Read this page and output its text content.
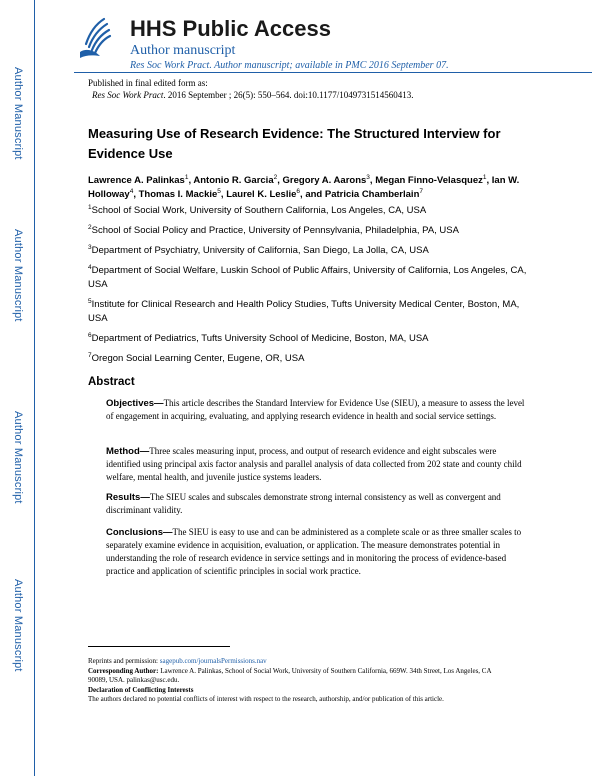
Author Manuscript
Author Manuscript
Author Manuscript
Author Manuscript
HHS Public Access
Author manuscript
Res Soc Work Pract. Author manuscript; available in PMC 2016 September 07.
Published in final edited form as:
Res Soc Work Pract. 2016 September ; 26(5): 550–564. doi:10.1177/1049731514560413.
Measuring Use of Research Evidence: The Structured Interview for Evidence Use
Lawrence A. Palinkas$^1$, Antonio R. Garcia$^2$, Gregory A. Aarons$^3$, Megan Finno-Velasquez$^1$, Ian W. Holloway$^4$, Thomas I. Mackie$^5$, Laurel K. Leslie$^6$, and Patricia Chamberlain$^7$
$^1$School of Social Work, University of Southern California, Los Angeles, CA, USA
$^2$School of Social Policy and Practice, University of Pennsylvania, Philadelphia, PA, USA
$^3$Department of Psychiatry, University of California, San Diego, La Jolla, CA, USA
$^4$Department of Social Welfare, Luskin School of Public Affairs, University of California, Los Angeles, CA, USA
$^5$Institute for Clinical Research and Health Policy Studies, Tufts University Medical Center, Boston, MA, USA
$^6$Department of Pediatrics, Tufts University School of Medicine, Boston, MA, USA
$^7$Oregon Social Learning Center, Eugene, OR, USA
Abstract
Objectives—This article describes the Standard Interview for Evidence Use (SIEU), a measure to assess the level of engagement in acquiring, evaluating, and applying research evidence in health and social service settings.
Method—Three scales measuring input, process, and output of research evidence and eight subscales were identified using principal axis factor analysis and parallel analysis of data collected from 202 state and county child welfare, mental health, and juvenile justice systems leaders.
Results—The SIEU scales and subscales demonstrate strong internal consistency as well as convergent and discriminant validity.
Conclusions—The SIEU is easy to use and can be administered as a complete scale or as three smaller scales to separately examine evidence in acquisition, evaluation, or application. The measure demonstrates potential in understanding the role of research evidence in service settings and in monitoring the process of evidence-based practice and application of scientific principles in social work practice.
Reprints and permission: sagepub.com/journalsPermissions.nav
Corresponding Author: Lawrence A. Palinkas, School of Social Work, University of Southern California, 669W. 34th Street, Los Angeles, CA 90089, USA. palinkas@usc.edu.
Declaration of Conflicting Interests
The authors declared no potential conflicts of interest with respect to the research, authorship, and/or publication of this article.
